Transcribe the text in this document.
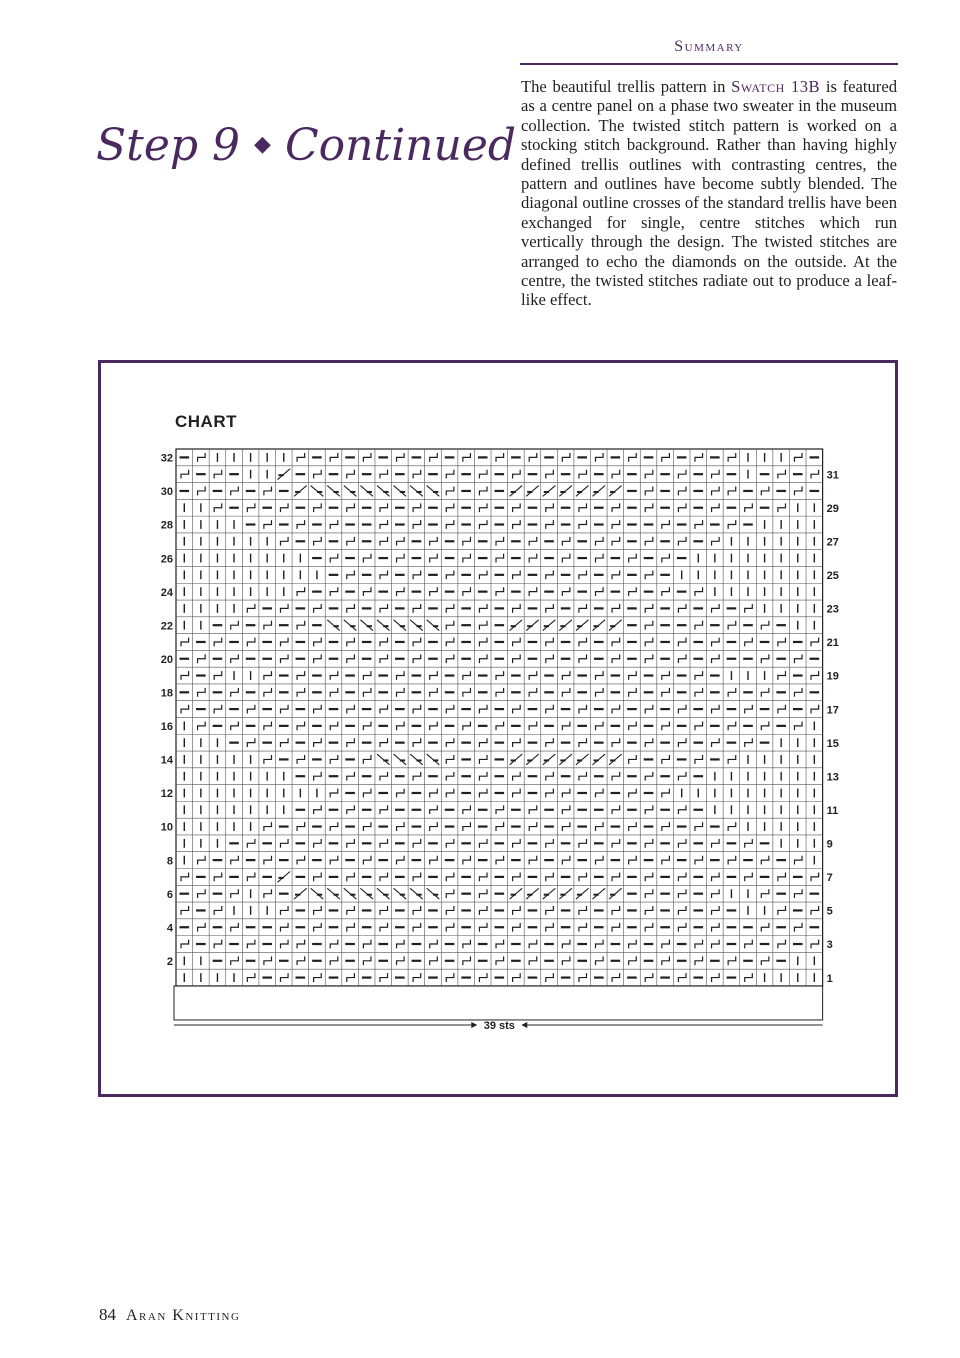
Summary

The beautiful trellis pattern in Swatch 13B is featured as a centre panel on a phase two sweater in the museum collection. The twisted stitch pattern is worked on a stocking stitch background. Rather than having highly defined trellis outlines with contrasting centres, the pattern and outlines have become subtly blended. The diagonal outline crosses of the standard trellis have been exchanged for single, centre stitches which run vertically through the design. The twisted stitches are arranged to echo the diamonds on the outside. At the centre, the twisted stitches radiate out to produce a leaf-like effect.

Step 9 ◆ Continued
CHART
32
30
28
26
24
22
20
18
16
14
12
10
8
6
4
2
31
29
27
25
23
21
19
17
15
13
11
9
7
5
3
1
39 sts
84 Aran Knitting
